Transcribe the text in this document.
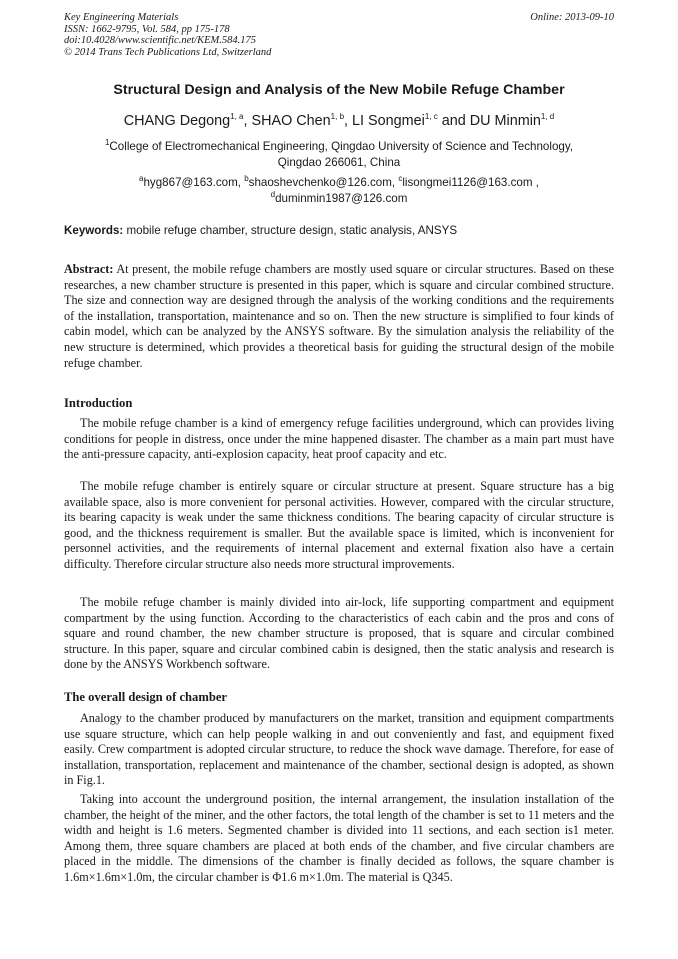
Key Engineering Materials
ISSN: 1662-9795, Vol. 584, pp 175-178
doi:10.4028/www.scientific.net/KEM.584.175
© 2014 Trans Tech Publications Ltd, Switzerland
Online: 2013-09-10
Structural Design and Analysis of the New Mobile Refuge Chamber
CHANG Degong$^{1, a}$, SHAO Chen$^{1, b}$, LI Songmei$^{1, c}$ and DU Minmin$^{1, d}$
$^1$College of Electromechanical Engineering, Qingdao University of Science and Technology,
Qingdao 266061, China
$^a$hyg867@163.com, $^b$shaoshevchenko@126.com, $^c$lisongmei1126@163.com ,
$^d$duminmin1987@126.com
Keywords: mobile refuge chamber, structure design, static analysis, ANSYS

Abstract: At present, the mobile refuge chambers are mostly used square or circular structures. Based on these researches, a new chamber structure is presented in this paper, which is square and circular combined structure. The size and connection way are designed through the analysis of the working conditions and the requirements of the installation, transportation, maintenance and so on. Then the new structure is simplified to four kinds of cabin model, which can be analyzed by the ANSYS software. By the simulation analysis the reliability of the new structure is determined, which provides a theoretical basis for guiding the structural design of the mobile refuge chamber.

Introduction

The mobile refuge chamber is a kind of emergency refuge facilities underground, which can provides living conditions for people in distress, once under the mine happened disaster. The chamber as a main part must have the anti-pressure capacity, anti-explosion capacity, heat proof capacity and etc.

The mobile refuge chamber is entirely square or circular structure at present. Square structure has a big available space, also is more convenient for personal activities. However, compared with the circular structure, its bearing capacity is weak under the same thickness conditions. The bearing capacity of circular structure is good, and the thickness requirement is smaller. But the available space is limited, which is inconvenient for personnel activities, and the requirements of internal placement and external fixation also have a certain difficulty. Therefore circular structure also needs more structural improvements.

The mobile refuge chamber is mainly divided into air-lock, life supporting compartment and equipment compartment by the using function. According to the characteristics of each cabin and the pros and cons of square and round chamber, the new chamber structure is proposed, that is square and circular combined structure. In this paper, square and circular combined cabin is designed, then the static analysis and research is done by the ANSYS Workbench software.

The overall design of chamber

Analogy to the chamber produced by manufacturers on the market, transition and equipment compartments use square structure, which can help people walking in and out conveniently and fast, and equipment fixed easily. Crew compartment is adopted circular structure, to reduce the shock wave damage. Therefore, for ease of installation, transportation, replacement and maintenance of the chamber, sectional design is adopted, as shown in Fig.1.

Taking into account the underground position, the internal arrangement, the insulation installation of the chamber, the height of the miner, and the other factors, the total length of the chamber is set to 11 meters and the width and height is 1.6 meters. Segmented chamber is divided into 11 sections, and each section is1 meter. Among them, three square chambers are placed at both ends of the chamber, and five circular chambers are placed in the middle. The dimensions of the chamber is finally decided as follows, the square chamber is 1.6m×1.6m×1.0m, the circular chamber is Φ1.6 m×1.0m. The material is Q345.
